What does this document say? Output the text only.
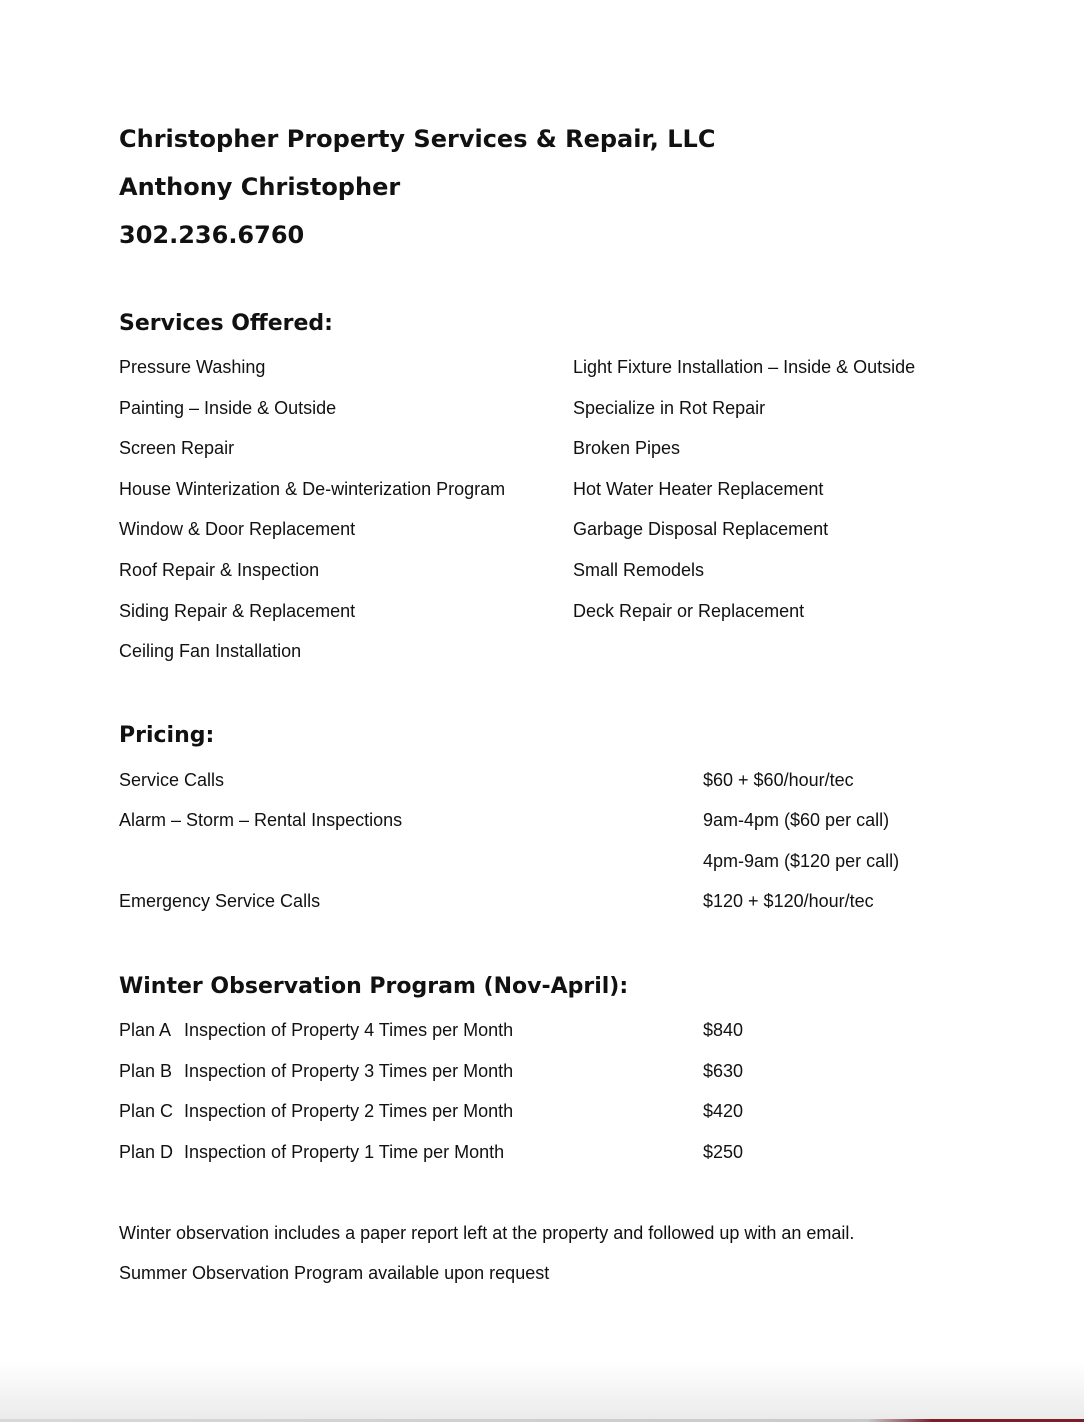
Christopher Property Services & Repair, LLC
Anthony Christopher
302.236.6760
Services Offered:
Pressure Washing
Painting – Inside & Outside
Screen Repair
House Winterization & De-winterization Program
Window & Door Replacement
Roof Repair & Inspection
Siding Repair & Replacement
Ceiling Fan Installation
Light Fixture Installation – Inside & Outside
Specialize in Rot Repair
Broken Pipes
Hot Water Heater Replacement
Garbage Disposal Replacement
Small Remodels
Deck Repair or Replacement
Pricing:
Service Calls	$60 + $60/hour/tec
Alarm – Storm – Rental Inspections	9am-4pm ($60 per call)
4pm-9am ($120 per call)
Emergency Service Calls	$120 + $120/hour/tec
Winter Observation Program (Nov-April):
Plan A Inspection of Property 4 Times per Month	$840
Plan B Inspection of Property 3 Times per Month	$630
Plan C Inspection of Property 2 Times per Month	$420
Plan D Inspection of Property 1 Time per Month	$250
Winter observation includes a paper report left at the property and followed up with an email.
Summer Observation Program available upon request
